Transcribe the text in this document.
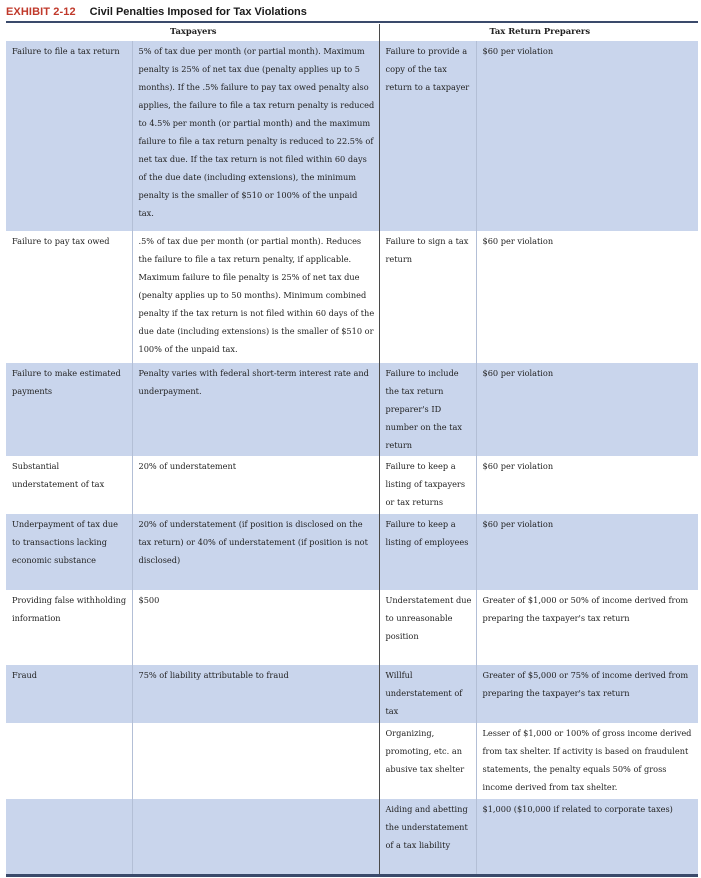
EXHIBIT 2-12 Civil Penalties Imposed for Tax Violations
Taxpayers		Tax Return Preparers	
Failure to file a tax return	5% of tax due per month (or partial month). Maximum penalty is 25% of net tax due (penalty applies up to 5 months). If the .5% failure to pay tax owed penalty also applies, the failure to file a tax return penalty is reduced to 4.5% per month (or partial month) and the maximum failure to file a tax return penalty is reduced to 22.5% of net tax due. If the tax return is not filed within 60 days of the due date (including extensions), the minimum penalty is the smaller of $510 or 100% of the unpaid tax.	Failure to provide a copy of the tax return to a taxpayer	$60 per violation
Failure to pay tax owed	.5% of tax due per month (or partial month). Reduces the failure to file a tax return penalty, if applicable. Maximum failure to file penalty is 25% of net tax due (penalty applies up to 50 months). Minimum combined penalty if the tax return is not filed within 60 days of the due date (including extensions) is the smaller of $510 or 100% of the unpaid tax.	Failure to sign a tax return	$60 per violation
Failure to make estimated payments	Penalty varies with federal short-term interest rate and underpayment.	Failure to include the tax return preparer's ID number on the tax return	$60 per violation
Substantial understatement of tax	20% of understatement	Failure to keep a listing of taxpayers or tax returns	$60 per violation
Underpayment of tax due to transactions lacking economic substance	20% of understatement (if position is disclosed on the tax return) or 40% of understatement (if position is not disclosed)	Failure to keep a listing of employees	$60 per violation
Providing false withholding information	$500	Understatement due to unreasonable position	Greater of $1,000 or 50% of income derived from preparing the taxpayer's tax return
Fraud	75% of liability attributable to fraud	Willful understatement of tax	Greater of $5,000 or 75% of income derived from preparing the taxpayer's tax return
		Organizing, promoting, etc. an abusive tax shelter	Lesser of $1,000 or 100% of gross income derived from tax shelter. If activity is based on fraudulent statements, the penalty equals 50% of gross income derived from tax shelter.
		Aiding and abetting the understatement of a tax liability	$1,000 ($10,000 if related to corporate taxes)
